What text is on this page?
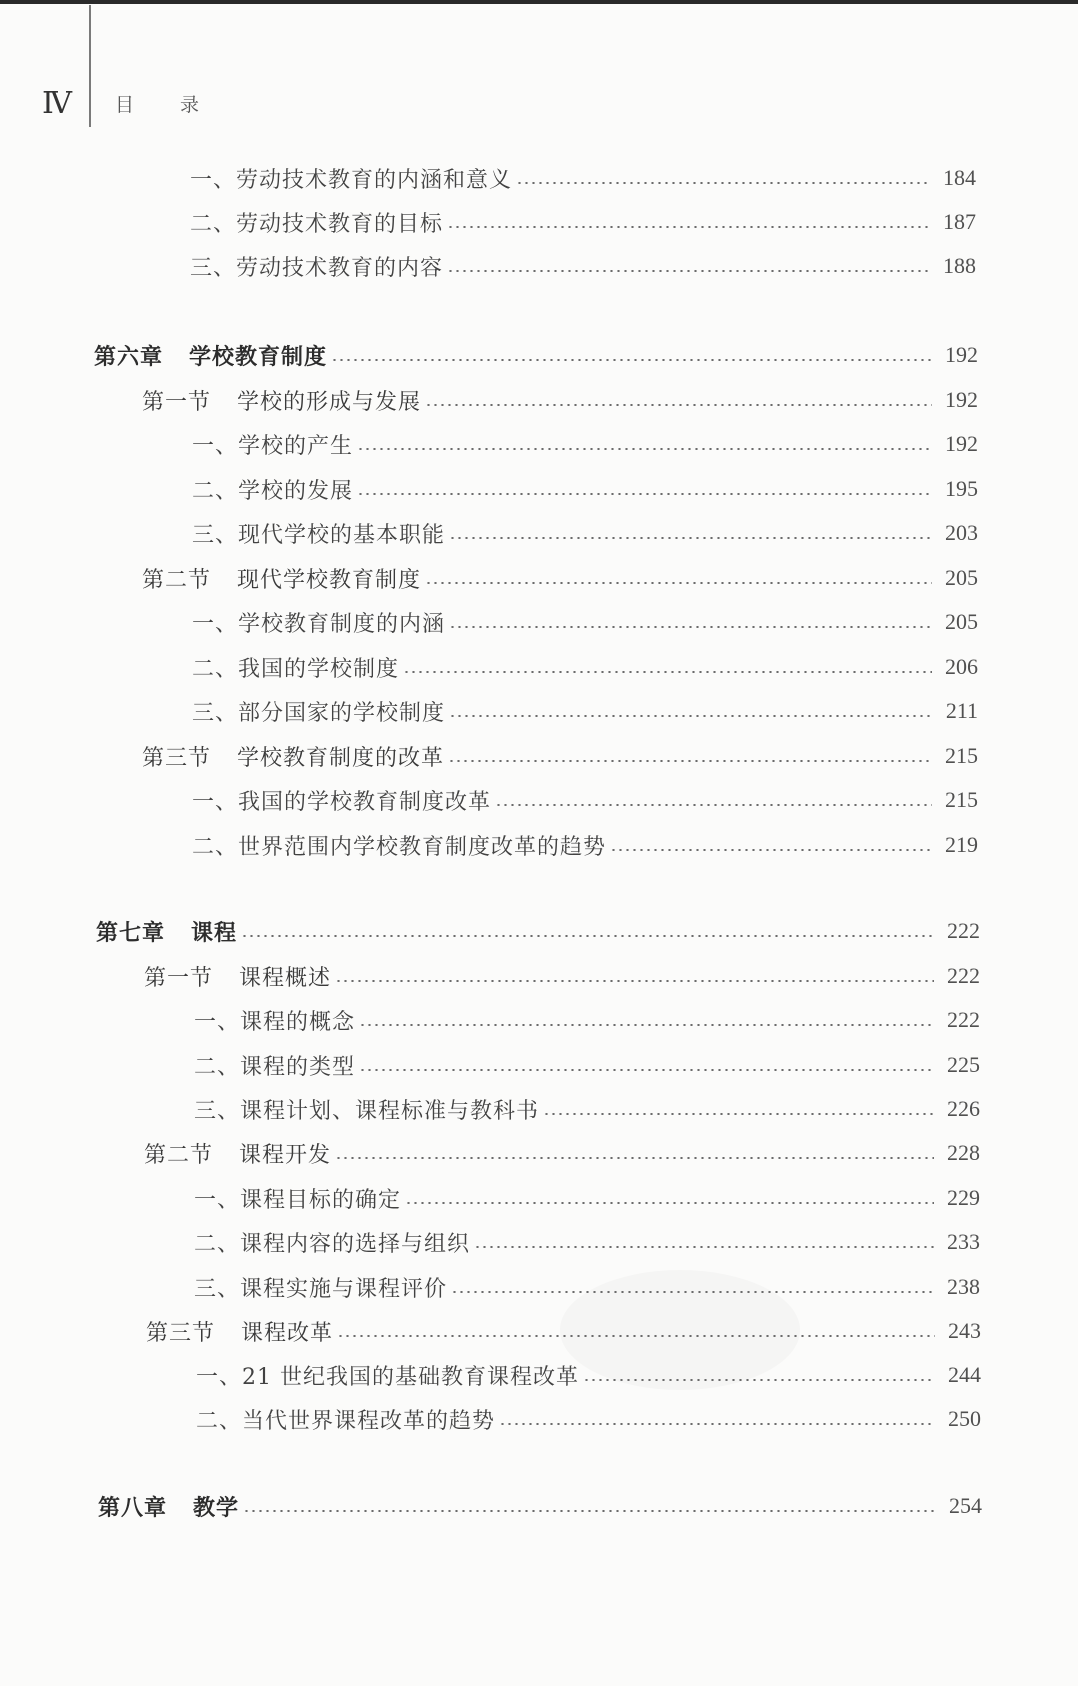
Ⅳ 目录
一、劳动技术教育的内涵和意义	184
二、劳动技术教育的目标	187
三、劳动技术教育的内容	188
第六章 学校教育制度	192
第一节 学校的形成与发展	192
一、学校的产生	192
二、学校的发展	195
三、现代学校的基本职能	203
第二节 现代学校教育制度	205
一、学校教育制度的内涵	205
二、我国的学校制度	206
三、部分国家的学校制度	211
第三节 学校教育制度的改革	215
一、我国的学校教育制度改革	215
二、世界范围内学校教育制度改革的趋势	219
第七章 课程	222
第一节 课程概述	222
一、课程的概念	222
二、课程的类型	225
三、课程计划、课程标准与教科书	226
第二节 课程开发	228
一、课程目标的确定	229
二、课程内容的选择与组织	233
三、课程实施与课程评价	238
第三节 课程改革	243
一、21 世纪我国的基础教育课程改革	244
二、当代世界课程改革的趋势	250
第八章 教学	254
